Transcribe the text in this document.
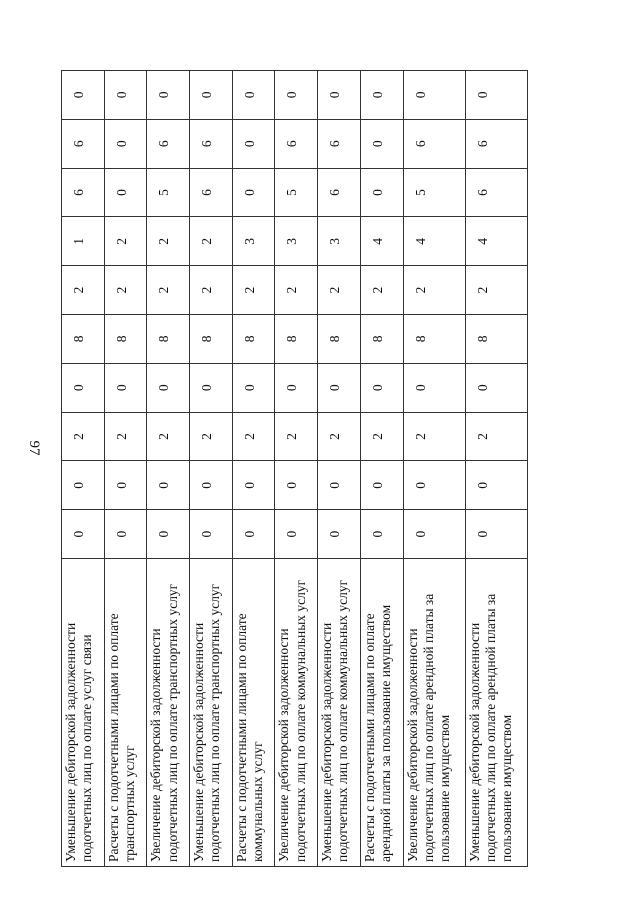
97
Уменьшение дебиторской задолженности подотчетных лиц по оплате услуг связи	0	0	2	0	8	2	1	6	6	0
Расчеты с подотчетными лицами по оплате транспортных услуг	0	0	2	0	8	2	2	0	0	0
Увеличение дебиторской задолженности подотчетных лиц по оплате транспортных услуг	0	0	2	0	8	2	2	5	6	0
Уменьшение дебиторской задолженности подотчетных лиц по оплате транспортных услуг	0	0	2	0	8	2	2	6	6	0
Расчеты с подотчетными лицами по оплате коммунальных услуг	0	0	2	0	8	2	3	0	0	0
Увеличение дебиторской задолженности подотчетных лиц по оплате коммунальных услуг	0	0	2	0	8	2	3	5	6	0
Уменьшение дебиторской задолженности подотчетных лиц по оплате коммунальных услуг	0	0	2	0	8	2	3	6	6	0
Расчеты с подотчетными лицами по оплате арендной платы за пользование имуществом	0	0	2	0	8	2	4	0	0	0
Увеличение дебиторской задолженности подотчетных лиц по оплате арендной платы за пользование имуществом	0	0	2	0	8	2	4	5	6	0
Уменьшение дебиторской задолженности подотчетных лиц по оплате арендной платы за пользование имуществом	0	0	2	0	8	2	4	6	6	0
